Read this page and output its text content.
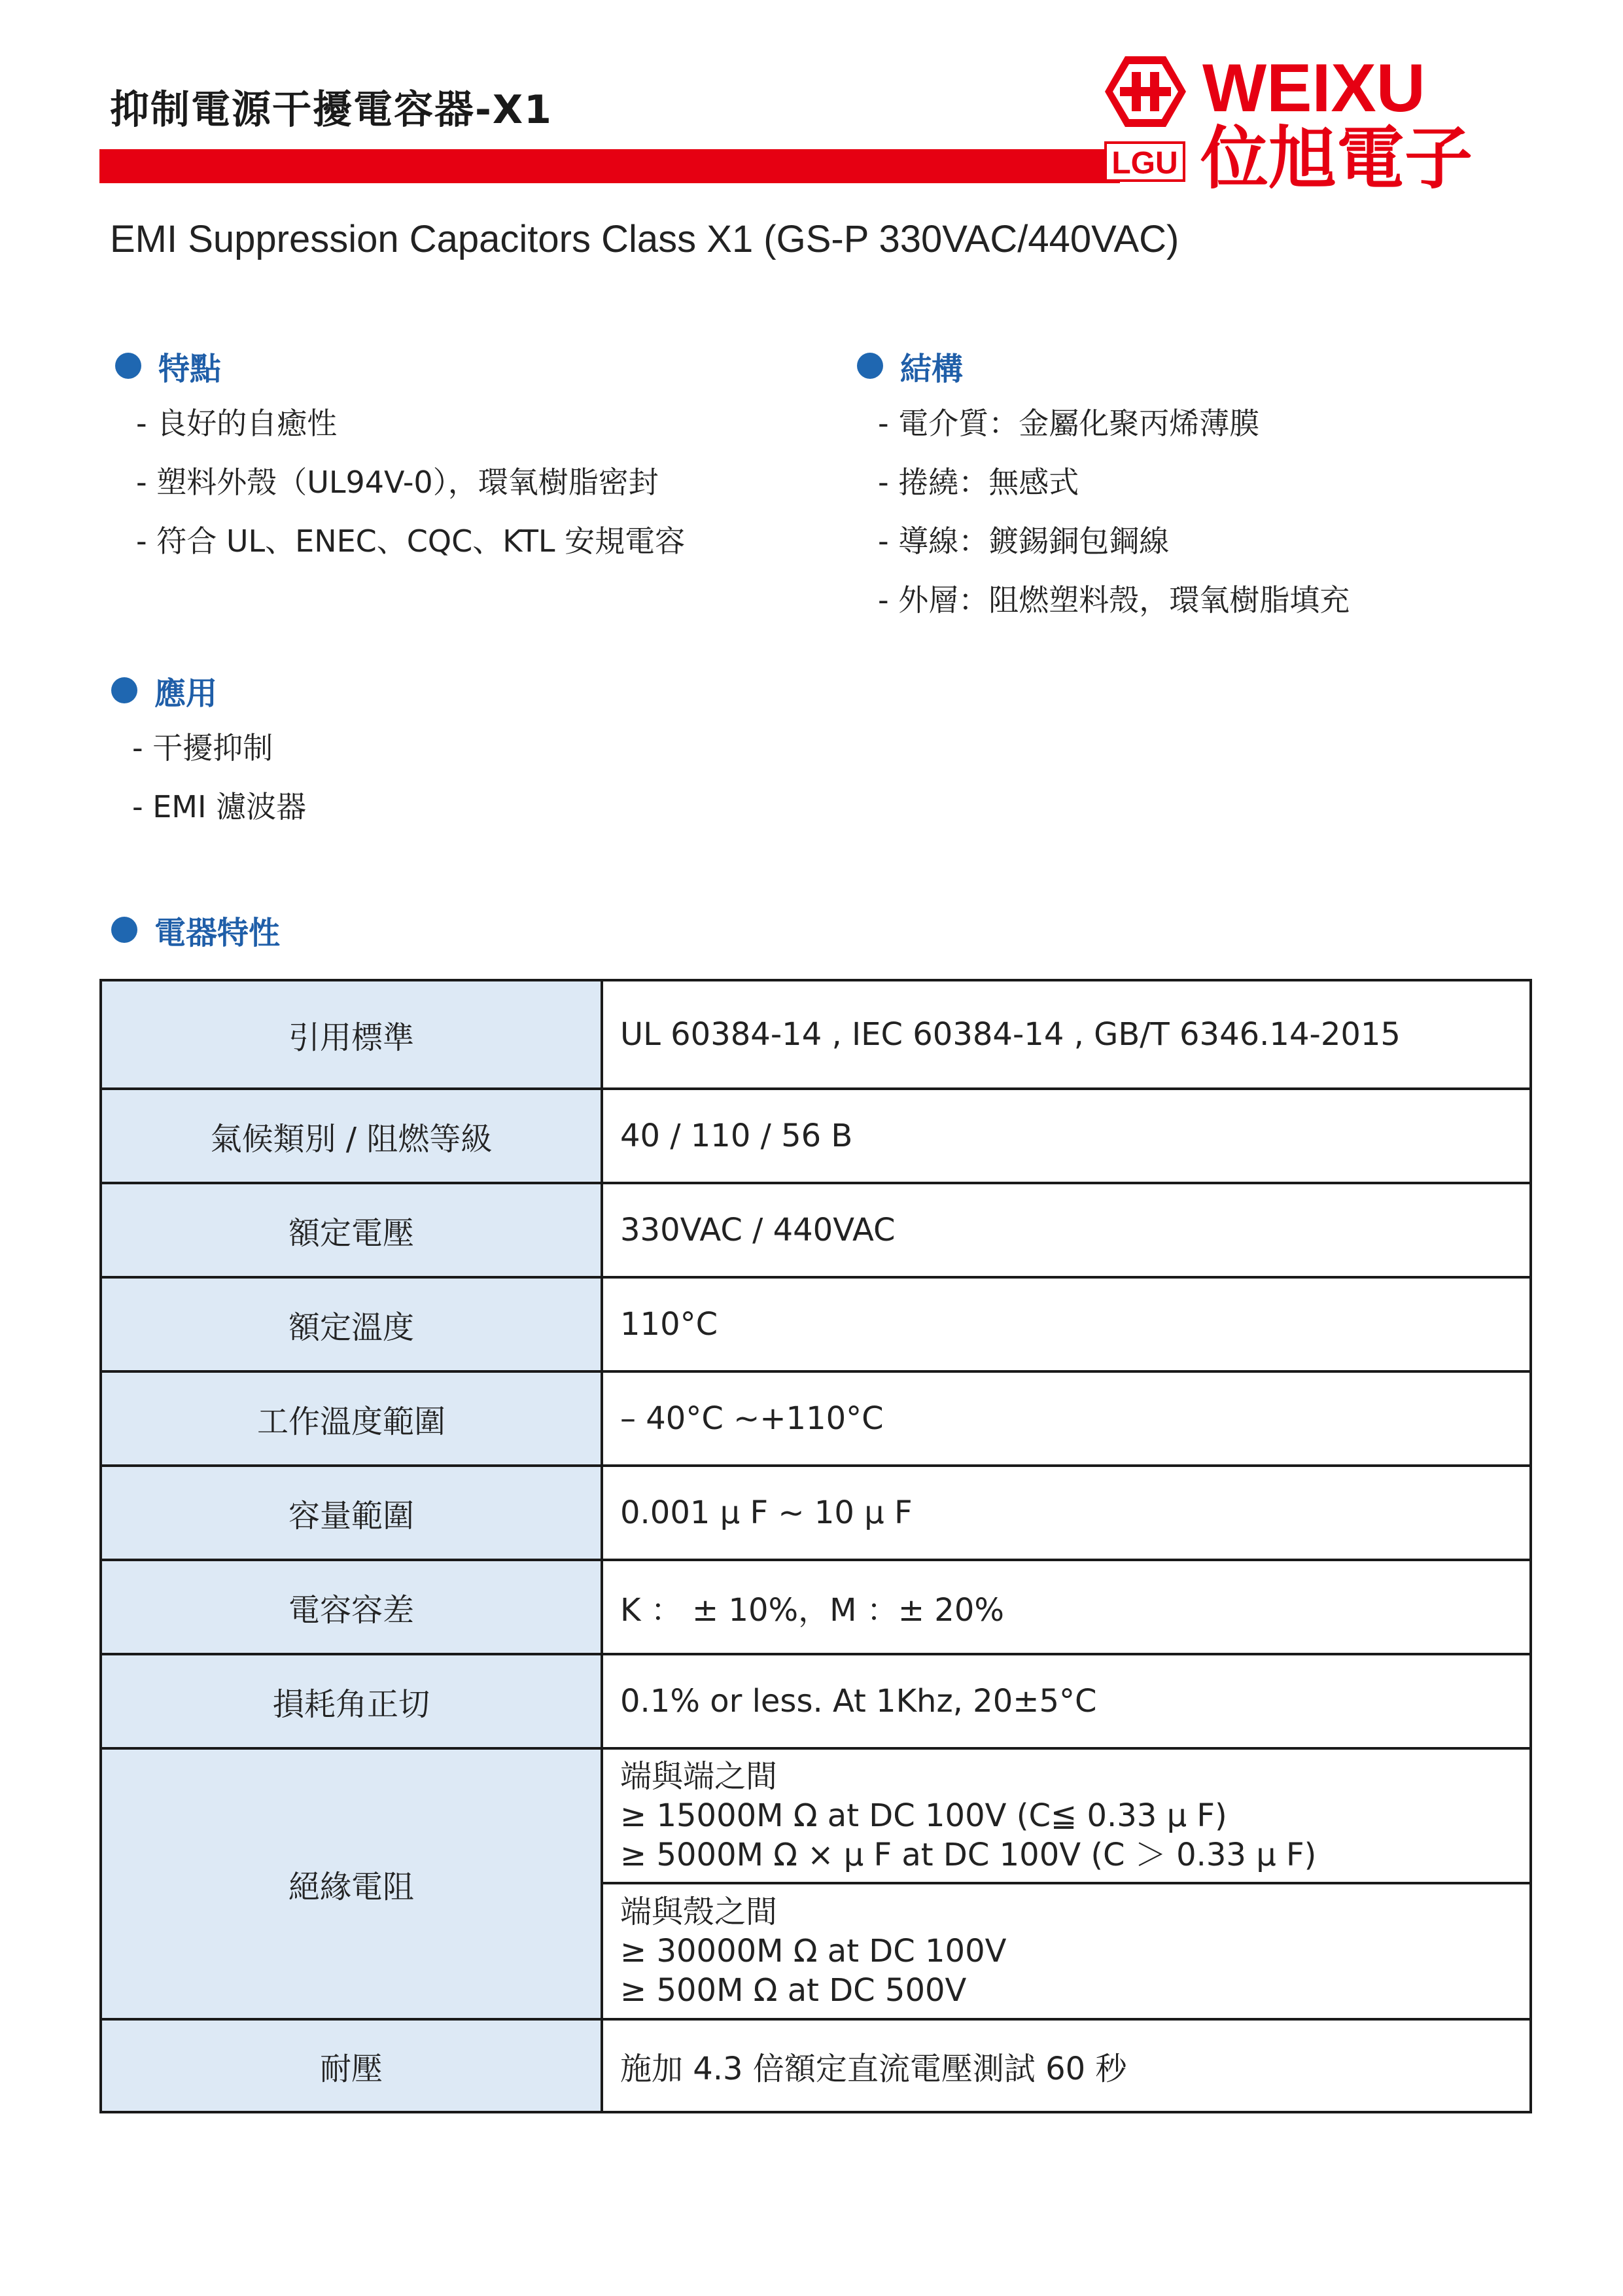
抑制電源干擾電容器-X1
LGU
WEIXU
位旭電子
EMI Suppression Capacitors Class X1 (GS-P 330VAC/440VAC)
特點
- 良好的自癒性
- 塑料外殼（UL94V-0），環氧樹脂密封
- 符合 UL、ENEC、CQC、KTL 安規電容
結構
- 電介質：金屬化聚丙烯薄膜
- 捲繞：無感式
- 導線：鍍錫銅包鋼線
- 外層：阻燃塑料殼，環氧樹脂填充
應用
- 干擾抑制
- EMI 濾波器
電器特性
引用標準	UL 60384-14 , IEC 60384-14 , GB/T 6346.14-2015
氣候類別 / 阻燃等級	40 / 110 / 56 B
額定電壓	330VAC / 440VAC
額定溫度	110°C
工作溫度範圍	– 40°C ~+110°C
容量範圍	0.001 µ F ~ 10 µ F
電容容差	K ： ± 10%，M ：± 20%
損耗角正切	0.1% or less. At 1Khz, 20±5°C
絕緣電阻	端與端之間
≥ 15000M Ω at DC 100V (C≦ 0.33 µ F)
≥ 5000M Ω × µ F at DC 100V (C ＞ 0.33 µ F)

	端與殼之間
≥ 30000M Ω at DC 100V
≥ 500M Ω at DC 500V

耐壓	施加 4.3 倍額定直流電壓測試 60 秒
